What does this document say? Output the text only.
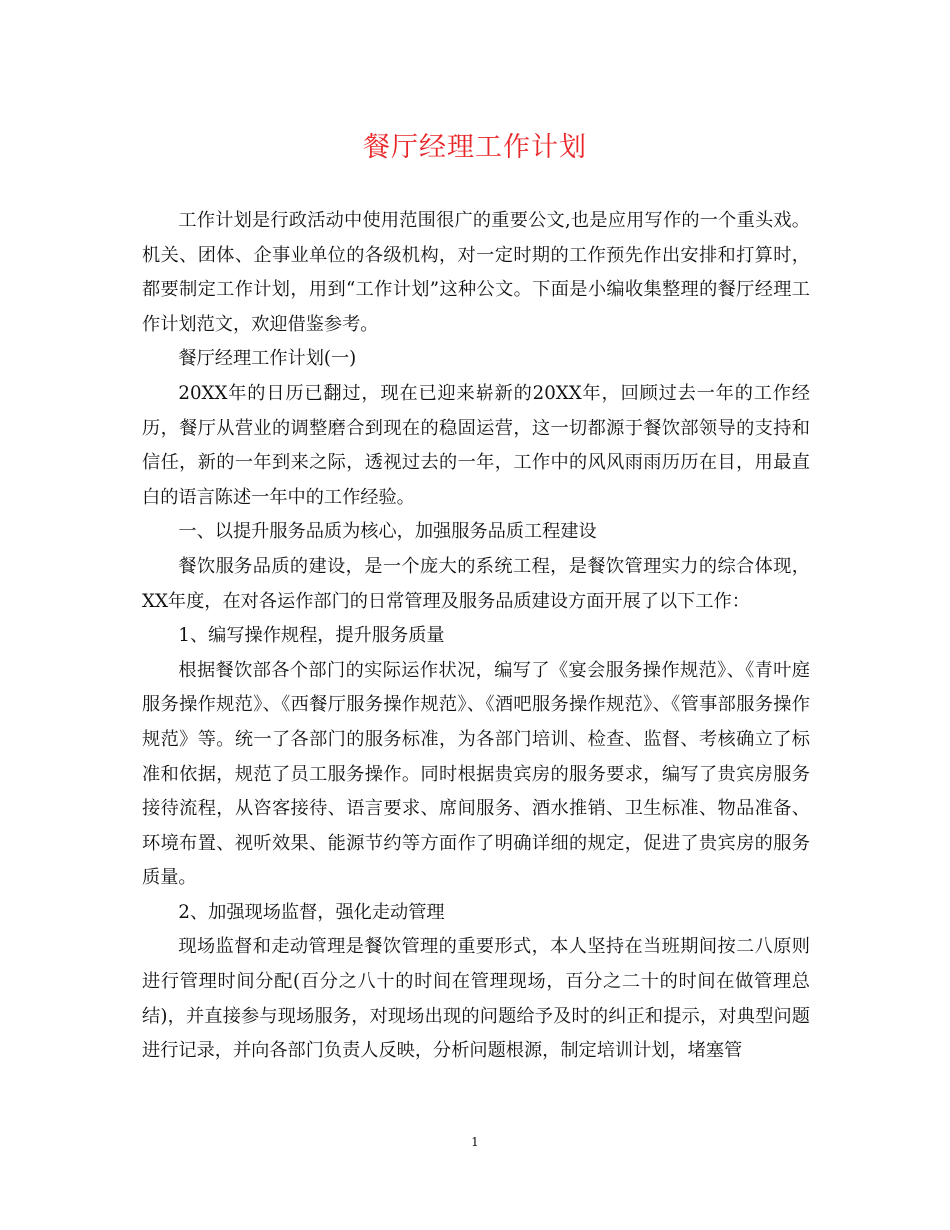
餐厅经理工作计划

工作计划是行政活动中使用范围很广的重要公文,也是应用写作的一个重头戏。机关、团体、企事业单位的各级机构，对一定时期的工作预先作出安排和打算时，都要制定工作计划，用到“工作计划”这种公文。下面是小编收集整理的餐厅经理工作计划范文，欢迎借鉴参考。

餐厅经理工作计划(一)

20XX年的日历已翻过，现在已迎来崭新的20XX年，回顾过去一年的工作经历，餐厅从营业的调整磨合到现在的稳固运营，这一切都源于餐饮部领导的支持和信任，新的一年到来之际，透视过去的一年，工作中的风风雨雨历历在目，用最直白的语言陈述一年中的工作经验。

一、以提升服务品质为核心，加强服务品质工程建设

餐饮服务品质的建设，是一个庞大的系统工程，是餐饮管理实力的综合体现，XX年度，在对各运作部门的日常管理及服务品质建设方面开展了以下工作：

1、编写操作规程，提升服务质量

根据餐饮部各个部门的实际运作状况，编写了《宴会服务操作规范》、《青叶庭服务操作规范》、《西餐厅服务操作规范》、《酒吧服务操作规范》、《管事部服务操作规范》等。统一了各部门的服务标准，为各部门培训、检查、监督、考核确立了标准和依据，规范了员工服务操作。同时根据贵宾房的服务要求，编写了贵宾房服务接待流程，从咨客接待、语言要求、席间服务、酒水推销、卫生标准、物品准备、环境布置、视听效果、能源节约等方面作了明确详细的规定，促进了贵宾房的服务质量。

2、加强现场监督，强化走动管理

现场监督和走动管理是餐饮管理的重要形式，本人坚持在当班期间按二八原则进行管理时间分配(百分之八十的时间在管理现场，百分之二十的时间在做管理总结)，并直接参与现场服务，对现场出现的问题给予及时的纠正和提示，对典型问题进行记录，并向各部门负责人反映，分析问题根源，制定培训计划，堵塞管

1
